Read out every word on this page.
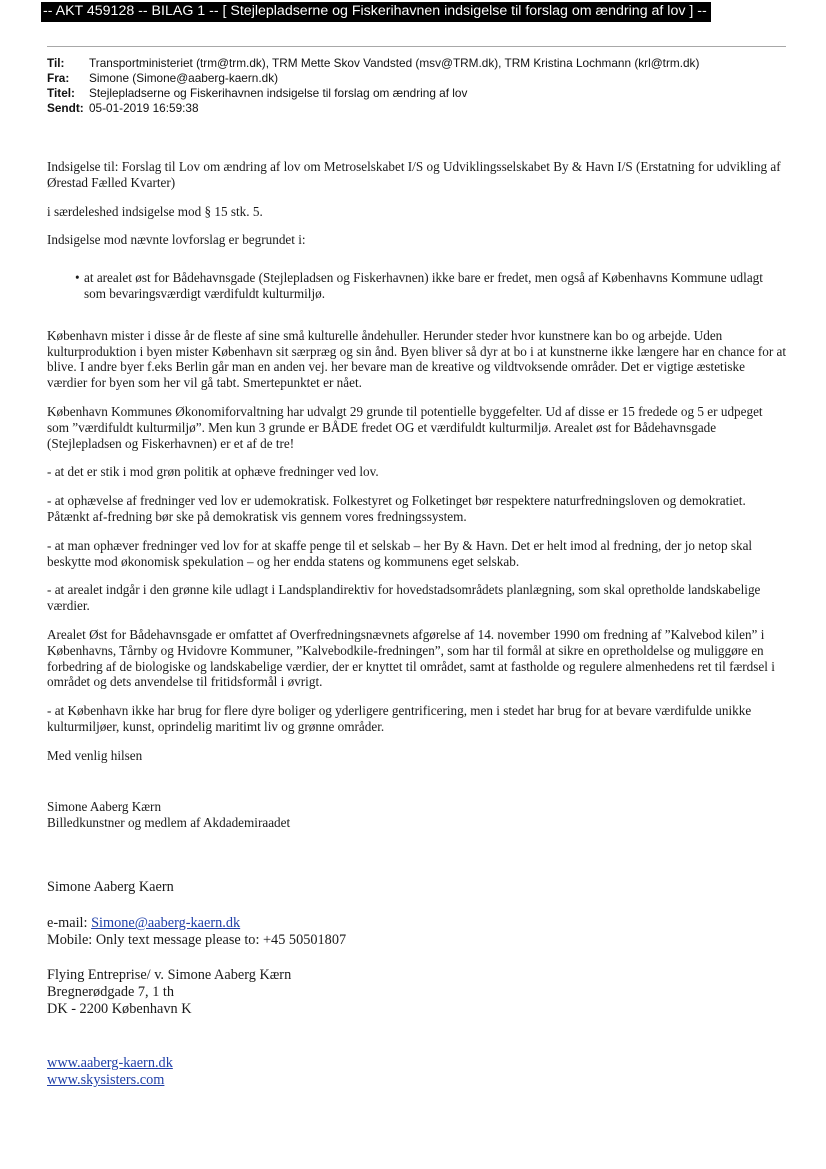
-- AKT 459128 -- BILAG 1 -- [ Stejlepladserne og Fiskerihavnen indsigelse til forslag om ændring af lov ] --
Til:	Transportministeriet (trm@trm.dk), TRM Mette Skov Vandsted (msv@TRM.dk), TRM Kristina Lochmann (krl@trm.dk)
Fra:	Simone (Simone@aaberg-kaern.dk)
Titel:	Stejlepladserne og Fiskerihavnen indsigelse til forslag om ændring af lov
Sendt: 05-01-2019 16:59:38

Indsigelse til: Forslag til Lov om ændring af lov om Metroselskabet I/S og Udviklingsselskabet By & Havn I/S (Erstatning for udvikling af Ørestad Fælled Kvarter)

i særdeleshed indsigelse mod § 15 stk. 5.

Indsigelse mod nævnte lovforslag er begrundet i:

• at arealet øst for Bådehavnsgade (Stejlepladsen og Fiskerhavnen) ikke bare er fredet, men også af Københavns Kommune udlagt som bevaringsværdigt værdifuldt kulturmiljø.

København mister i disse år de fleste af sine små kulturelle åndehuller. Herunder steder hvor kunstnere kan bo og arbejde. Uden kulturproduktion i byen mister København sit særpræg og sin ånd. Byen bliver så dyr at bo i at kunstnerne ikke længere har en chance for at blive. I andre byer f.eks Berlin går man en anden vej. her bevare man de kreative og vildtvoksende områder. Det er vigtige æstetiske værdier for byen som her vil gå tabt. Smertepunktet er nået.

København Kommunes Økonomiforvaltning har udvalgt 29 grunde til potentielle byggefelter. Ud af disse er 15 fredede og 5 er udpeget som ”værdifuldt kulturmiljø”. Men kun 3 grunde er BÅDE fredet OG et værdifuldt kulturmiljø. Arealet øst for Bådehavnsgade (Stejlepladsen og Fiskerhavnen) er et af de tre!

- at det er stik i mod grøn politik at ophæve fredninger ved lov.

- at ophævelse af fredninger ved lov er udemokratisk. Folkestyret og Folketinget bør respektere naturfredningsloven og demokratiet. Påtænkt af-fredning bør ske på demokratisk vis gennem vores fredningssystem.

- at man ophæver fredninger ved lov for at skaffe penge til et selskab – her By & Havn. Det er helt imod al fredning, der jo netop skal beskytte mod økonomisk spekulation – og her endda statens og kommunens eget selskab.

- at arealet indgår i den grønne kile udlagt i Landsplandirektiv for hovedstadsområdets planlægning, som skal opretholde landskabelige værdier.

Arealet Øst for Bådehavnsgade er omfattet af Overfredningsnævnets afgørelse af 14. november 1990 om fredning af ”Kalvebod kilen” i Københavns, Tårnby og Hvidovre Kommuner, ”Kalvebodkile-fredningen”, som har til formål at sikre en opretholdelse og muliggøre en forbedring af de biologiske og landskabelige værdier, der er knyttet til området, samt at fastholde og regulere almenhedens ret til færdsel i området og dets anvendelse til fritidsformål i øvrigt.

- at København ikke har brug for flere dyre boliger og yderligere gentrificering, men i stedet har brug for at bevare værdifulde unikke kulturmiljøer, kunst, oprindelig maritimt liv og grønne områder.

Med venlig hilsen

Simone Aaberg Kærn
Billedkunstner og medlem af Akdademiraadet
Simone Aaberg Kaern
e-mail: Simone@aaberg-kaern.dk
Mobile: Only text message please to: +45 50501807
Flying Entreprise/ v. Simone Aaberg Kærn
Bregnerødgade 7, 1 th
DK - 2200 København K
www.aaberg-kaern.dk
www.skysisters.com
